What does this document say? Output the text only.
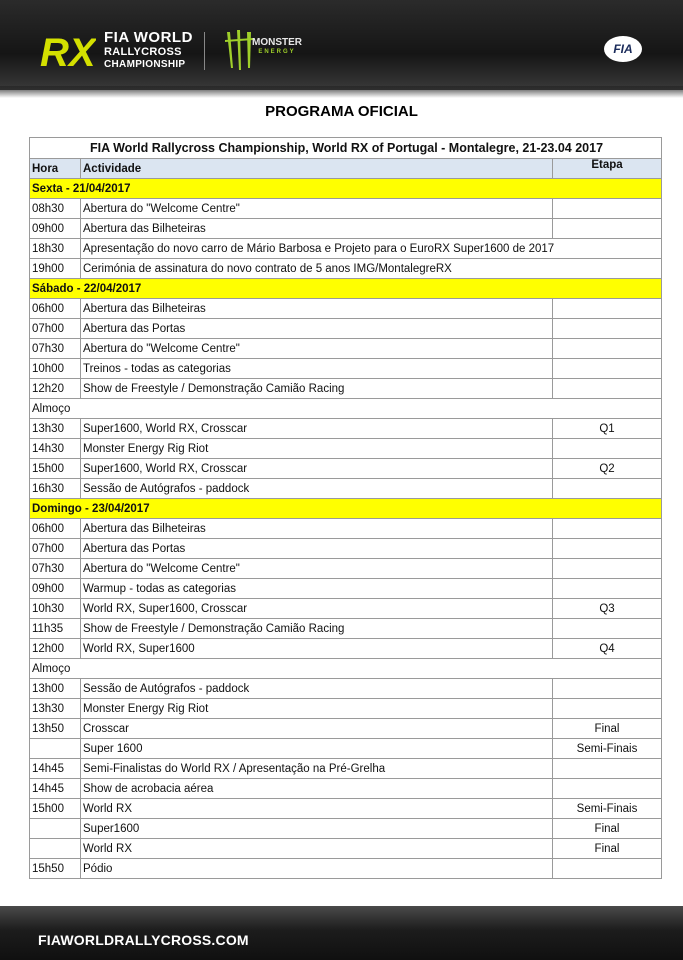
RX FIA WORLD
RALLYCROSS
CHAMPIONSHIP
MONSTER
ENERGY	FIA
PROGRAMA OFICIAL
FIA World Rallycross Championship, World RX of Portugal - Montalegre, 21-23.04 2017		
Hora	Actividade	Etapa
Sexta - 21/04/2017		
08h30	Abertura do "Welcome Centre"	
09h00	Abertura das Bilheteiras	
18h30	Apresentação do novo carro de Mário Barbosa e Projeto para o EuroRX Super1600 de 2017	
19h00	Cerimónia de assinatura do novo contrato de 5 anos IMG/MontalegreRX	
Sábado - 22/04/2017		
06h00	Abertura das Bilheteiras	
07h00	Abertura das Portas	
07h30	Abertura do "Welcome Centre"	
10h00	Treinos - todas as categorias	
12h20	Show de Freestyle / Demonstração Camião Racing	
Almoço		
13h30	Super1600, World RX, Crosscar	Q1
14h30	Monster Energy Rig Riot	
15h00	Super1600, World RX, Crosscar	Q2
16h30	Sessão de Autógrafos - paddock	
Domingo - 23/04/2017		
06h00	Abertura das Bilheteiras	
07h00	Abertura das Portas	
07h30	Abertura do "Welcome Centre"	
09h00	Warmup - todas as categorias	
10h30	World RX, Super1600, Crosscar	Q3
11h35	Show de Freestyle / Demonstração Camião Racing	
12h00	World RX, Super1600	Q4
Almoço		
13h00	Sessão de Autógrafos - paddock	
13h30	Monster Energy Rig Riot	
13h50	Crosscar	Final
	Super 1600	Semi-Finais
14h45	Semi-Finalistas do World RX / Apresentação na Pré-Grelha	
14h45	Show de acrobacia aérea	
15h00	World RX	Semi-Finais
	Super1600	Final
	World RX	Final
15h50	Pódio	
FIAWORLDRALLYCROSS.COM
